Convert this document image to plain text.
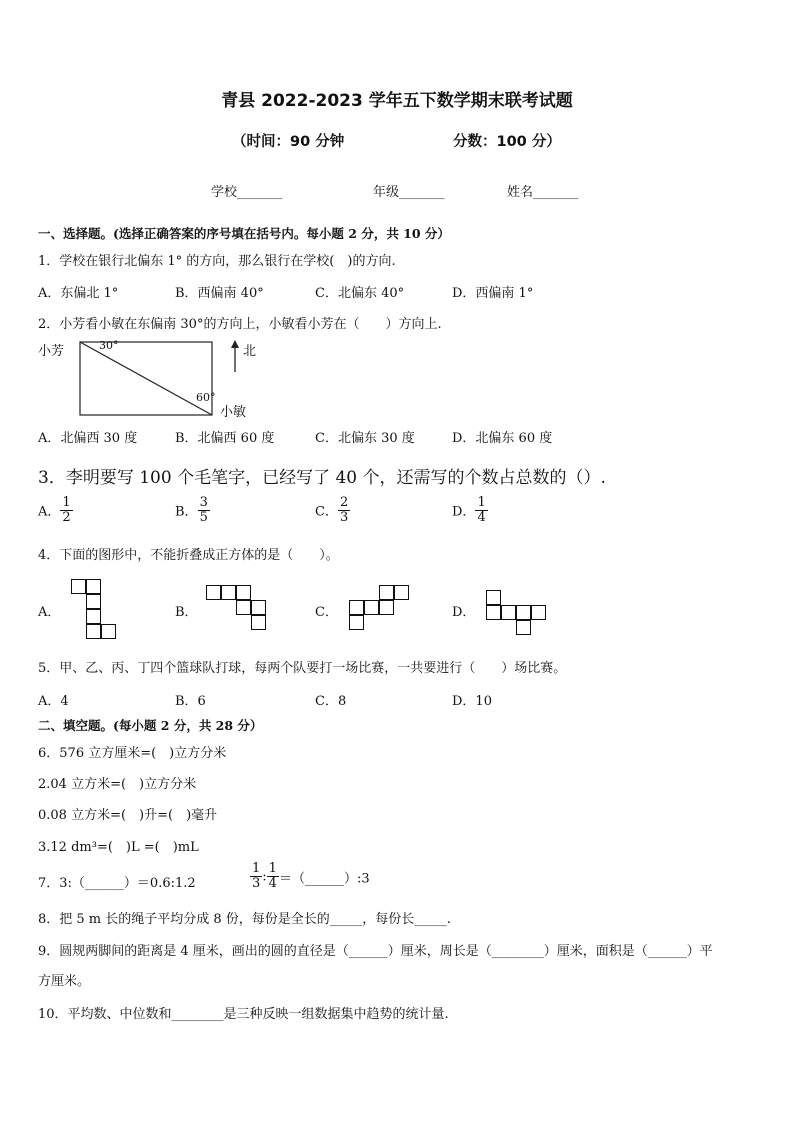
青县 2022-2023 学年五下数学期末联考试题
（时间：90 分钟	分数：100 分）
学校_______	年级_______	姓名_______
一、选择题。(选择正确答案的序号填在括号内。每小题 2 分，共 10 分）
1．学校在银行北偏东 1° 的方向，那么银行在学校(　)的方向.
A．东偏北 1°	B．西偏南 40°	C．北偏东 40°	D．西偏南 1°
2．小芳看小敏在东偏南 30°的方向上，小敏看小芳在（　　）方向上.
小芳	30°
60°
小敏
北
A．北偏西 30 度	B．北偏西 60 度	C．北偏东 30 度	D．北偏东 60 度
3．李明要写 100 个毛笔字，已经写了 40 个，还需写的个数占总数的（）.
A． $\frac{1}{2}$	B． $\frac{3}{5}$	C． $\frac{2}{3}$	D． $\frac{1}{4}$
4．下面的图形中，不能折叠成正方体的是（　　）。
A．	B．	C．	D．
5．甲、乙、丙、丁四个篮球队打球，每两个队要打一场比赛，一共要进行（　　）场比赛。
A．4	B．6	C．8	D．10
二、填空题。(每小题 2 分，共 28 分）
6．576 立方厘米=(　)立方分米
2.04 立方米=(　)立方分米
0.08 立方米=(　)升=(　)毫升
3.12 dm³=(　)L =(　)mL
7．3:（______）＝0.6:1.2	$\frac{1}{3}$ : $\frac{1}{4}$ ＝（______）:3
8．把 5 m 长的绳子平均分成 8 份，每份是全长的_____，每份长_____.
9．圆规两脚间的距离是 4 厘米，画出的圆的直径是（______）厘米，周长是（________）厘米，面积是（______）平
方厘米。
10．平均数、中位数和________是三种反映一组数据集中趋势的统计量.
